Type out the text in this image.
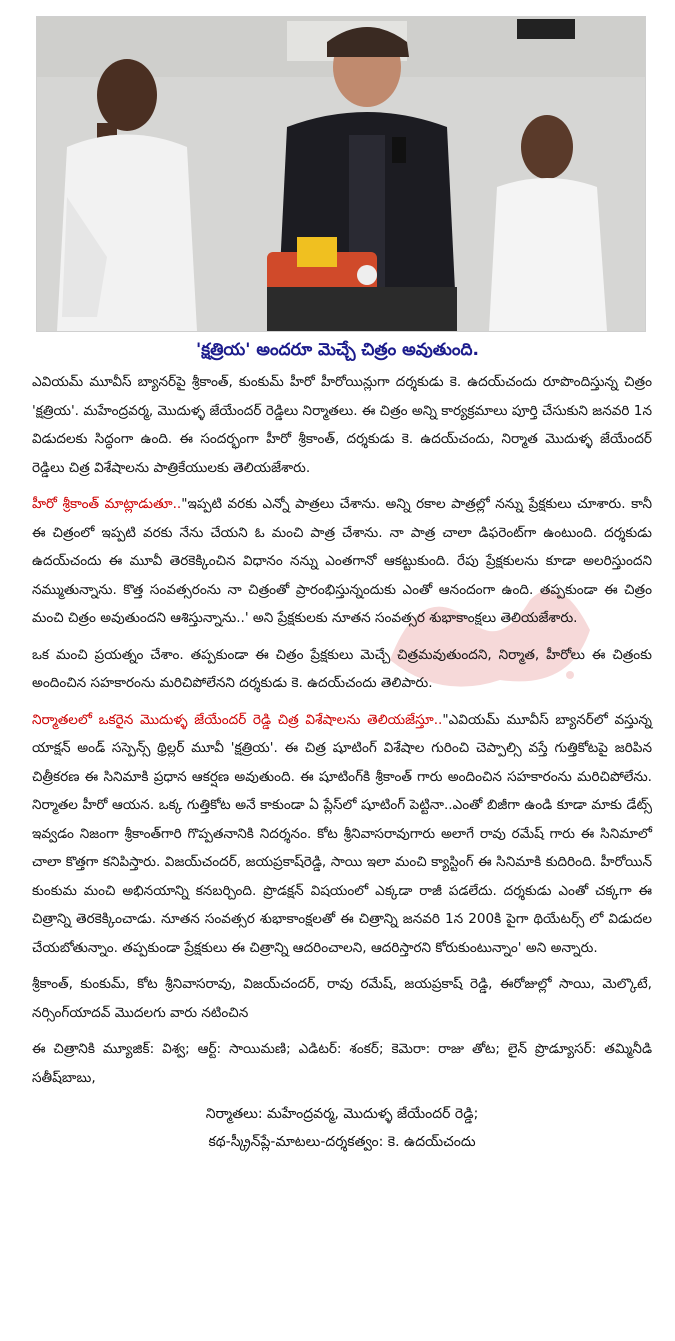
'క్షత్రియ' అందరూ మెచ్చే చిత్రం అవుతుంది.

ఎవియమ్ మూవీస్ బ్యానర్‌పై శ్రీకాంత్, కుంకుమ్ హీరో హీరోయిన్లుగా దర్శకుడు కె. ఉదయ్‌చందు రూపొందిస్తున్న చిత్రం 'క్షత్రియ'. మహేంద్రవర్మ, మొదుళ్ళ జేయేందర్ రెడ్డిలు నిర్మాతలు. ఈ చిత్రం అన్ని కార్యక్రమాలు పూర్తి చేసుకుని జనవరి 1న విడుదలకు సిద్ధంగా ఉంది. ఈ సందర్భంగా హీరో శ్రీకాంత్, దర్శకుడు కె. ఉదయ్‌చందు, నిర్మాత మొదుళ్ళ జేయేందర్ రెడ్డిలు చిత్ర విశేషాలను పాత్రికేయులకు తెలియజేశారు.

హీరో శ్రీకాంత్ మాట్లాడుతూ.."ఇప్పటి వరకు ఎన్నో పాత్రలు చేశాను. అన్ని రకాల పాత్రల్లో నన్ను ప్రేక్షకులు చూశారు. కానీ ఈ చిత్రంలో ఇప్పటి వరకు నేను చేయని ఓ మంచి పాత్ర చేశాను. నా పాత్ర చాలా డిఫరెంట్‌గా ఉంటుంది. దర్శకుడు ఉదయ్‌చందు ఈ మూవీ తెరకెక్కించిన విధానం నన్ను ఎంతగానో ఆకట్టుకుంది. రేపు ప్రేక్షకులను కూడా అలరిస్తుందని నమ్ముతున్నాను. కొత్త సంవత్సరంను నా చిత్రంతో ప్రారంభిస్తున్నందుకు ఎంతో ఆనందంగా ఉంది. తప్పకుండా ఈ చిత్రం మంచి చిత్రం అవుతుందని ఆశిస్తున్నాను..' అని ప్రేక్షకులకు నూతన సంవత్సర శుభాకాంక్షలు తెలియజేశారు.

ఒక మంచి ప్రయత్నం చేశాం. తప్పకుండా ఈ చిత్రం ప్రేక్షకులు మెచ్చే చిత్రమవుతుందని, నిర్మాత, హీరోలు ఈ చిత్రంకు అందించిన సహకారంను మరిచిపోలేనని దర్శకుడు కె. ఉదయ్‌చందు తెలిపారు.

నిర్మాతలలో ఒకరైన మొదుళ్ళ జేయేందర్ రెడ్డి చిత్ర విశేషాలను తెలియజేస్తూ.."ఎవియమ్ మూవీస్ బ్యానర్‌లో వస్తున్న యాక్షన్ అండ్ సస్పెన్స్ థ్రిల్లర్ మూవీ 'క్షత్రియ'. ఈ చిత్ర షూటింగ్ విశేషాల గురించి చెప్పాల్సి వస్తే గుత్తికోటపై జరిపిన చిత్రీకరణ ఈ సినిమాకి ప్రధాన ఆకర్షణ అవుతుంది. ఈ షూటింగ్‌కి శ్రీకాంత్ గారు అందించిన సహకారంను మరిచిపోలేను. నిర్మాతల హీరో ఆయన. ఒక్క గుత్తికోట అనే కాకుండా ఏ ప్లేస్‌లో షూటింగ్ పెట్టినా..ఎంతో బిజీగా ఉండి కూడా మాకు డేట్స్ ఇవ్వడం నిజంగా శ్రీకాంత్‌గారి గొప్పతనానికి నిదర్శనం. కోట శ్రీనివాసరావుగారు అలాగే రావు రమేష్ గారు ఈ సినిమాలో చాలా కొత్తగా కనిపిస్తారు. విజయ్‌చందర్, జయప్రకాష్‌రెడ్డి, సాయి ఇలా మంచి క్యాస్టింగ్ ఈ సినిమాకి కుదిరింది. హీరోయిన్ కుంకుమ మంచి అభినయాన్ని కనబర్చింది. ప్రొడక్షన్ విషయంలో ఎక్కడా రాజీ పడలేదు. దర్శకుడు ఎంతో చక్కగా ఈ చిత్రాన్ని తెరకెక్కించాడు. నూతన సంవత్సర శుభాకాంక్షలతో ఈ చిత్రాన్ని జనవరి 1న 200కి పైగా థియేటర్స్ లో విడుదల చేయబోతున్నాం. తప్పకుండా ప్రేక్షకులు ఈ చిత్రాన్ని ఆదరించాలని, ఆదరిస్తారని కోరుకుంటున్నాం' అని అన్నారు.

శ్రీకాంత్, కుంకుమ్, కోట శ్రీనివాసరావు, విజయ్‌చందర్, రావు రమేష్, జయప్రకాష్ రెడ్డి, ఈరోజుల్లో సాయి, మెల్కొటే, నర్సింగ్‌యాదవ్ మొదలగు వారు నటించిన

ఈ చిత్రానికి మ్యూజిక్: విశ్వ; ఆర్ట్: సాయిమణి; ఎడిటర్: శంకర్; కెమెరా: రాజు తోట; లైన్ ప్రొడ్యూసర్: తమ్మినీడి సతీష్‌బాబు,

నిర్మాతలు: మహేంద్రవర్మ, మొదుళ్ళ జేయేందర్ రెడ్డి;

కథ-స్క్రీన్‌ప్లే-మాటలు-దర్శకత్వం: కె. ఉదయ్‌చందు
